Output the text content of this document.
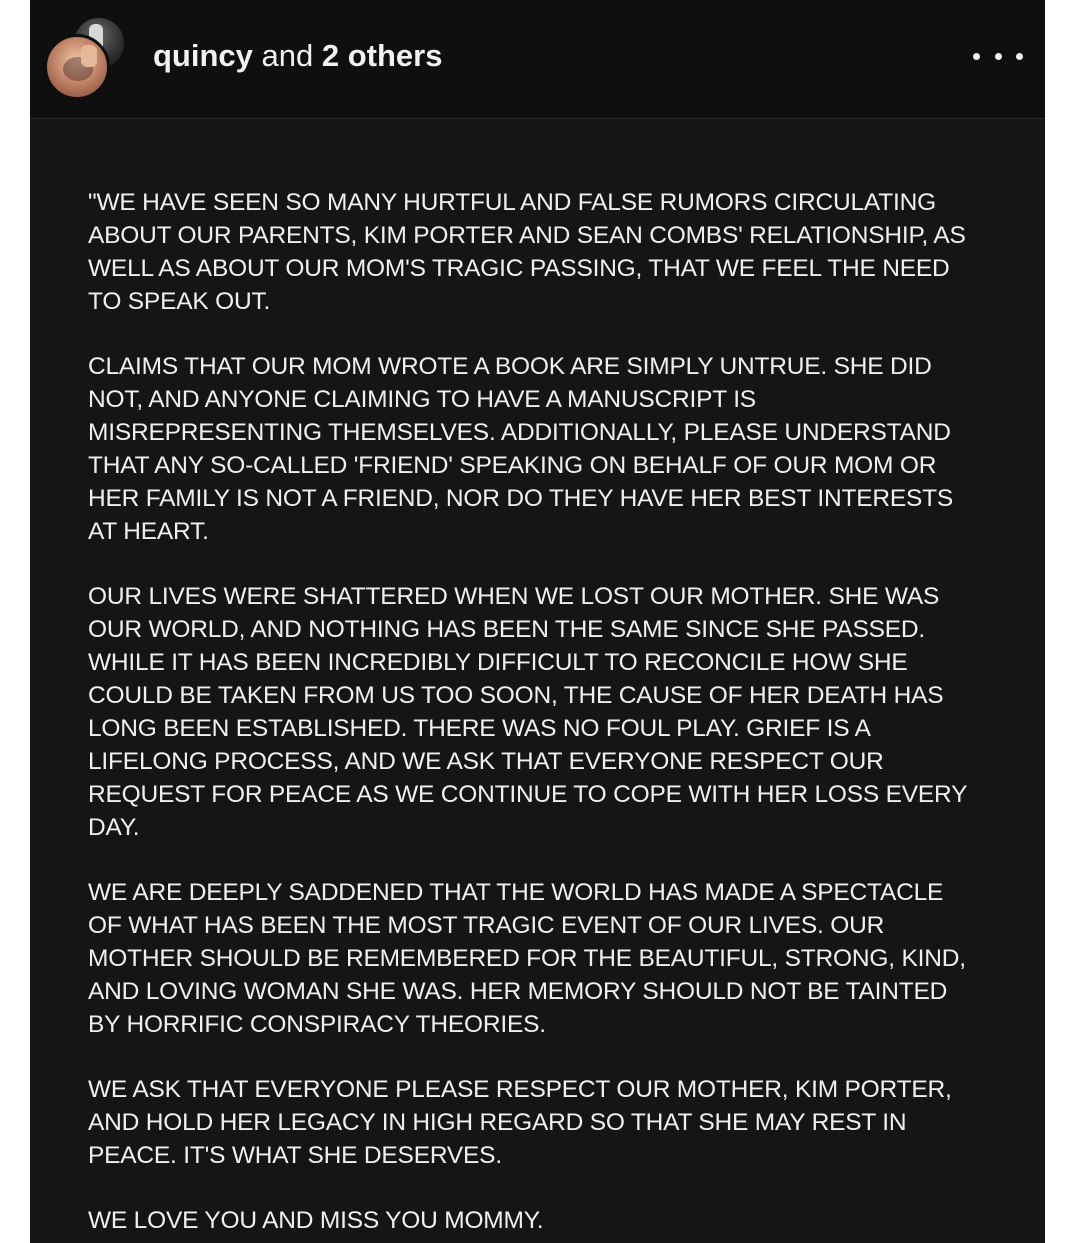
quincy and 2 others

"WE HAVE SEEN SO MANY HURTFUL AND FALSE RUMORS CIRCULATING
ABOUT OUR PARENTS, KIM PORTER AND SEAN COMBS' RELATIONSHIP, AS
WELL AS ABOUT OUR MOM'S TRAGIC PASSING, THAT WE FEEL THE NEED
TO SPEAK OUT.

CLAIMS THAT OUR MOM WROTE A BOOK ARE SIMPLY UNTRUE. SHE DID
NOT, AND ANYONE CLAIMING TO HAVE A MANUSCRIPT IS
MISREPRESENTING THEMSELVES. ADDITIONALLY, PLEASE UNDERSTAND
THAT ANY SO-CALLED 'FRIEND' SPEAKING ON BEHALF OF OUR MOM OR
HER FAMILY IS NOT A FRIEND, NOR DO THEY HAVE HER BEST INTERESTS
AT HEART.

OUR LIVES WERE SHATTERED WHEN WE LOST OUR MOTHER. SHE WAS
OUR WORLD, AND NOTHING HAS BEEN THE SAME SINCE SHE PASSED.
WHILE IT HAS BEEN INCREDIBLY DIFFICULT TO RECONCILE HOW SHE
COULD BE TAKEN FROM US TOO SOON, THE CAUSE OF HER DEATH HAS
LONG BEEN ESTABLISHED. THERE WAS NO FOUL PLAY. GRIEF IS A
LIFELONG PROCESS, AND WE ASK THAT EVERYONE RESPECT OUR
REQUEST FOR PEACE AS WE CONTINUE TO COPE WITH HER LOSS EVERY
DAY.

WE ARE DEEPLY SADDENED THAT THE WORLD HAS MADE A SPECTACLE
OF WHAT HAS BEEN THE MOST TRAGIC EVENT OF OUR LIVES. OUR
MOTHER SHOULD BE REMEMBERED FOR THE BEAUTIFUL, STRONG, KIND,
AND LOVING WOMAN SHE WAS. HER MEMORY SHOULD NOT BE TAINTED
BY HORRIFIC CONSPIRACY THEORIES.

WE ASK THAT EVERYONE PLEASE RESPECT OUR MOTHER, KIM PORTER,
AND HOLD HER LEGACY IN HIGH REGARD SO THAT SHE MAY REST IN
PEACE. IT'S WHAT SHE DESERVES.

WE LOVE YOU AND MISS YOU MOMMY.
